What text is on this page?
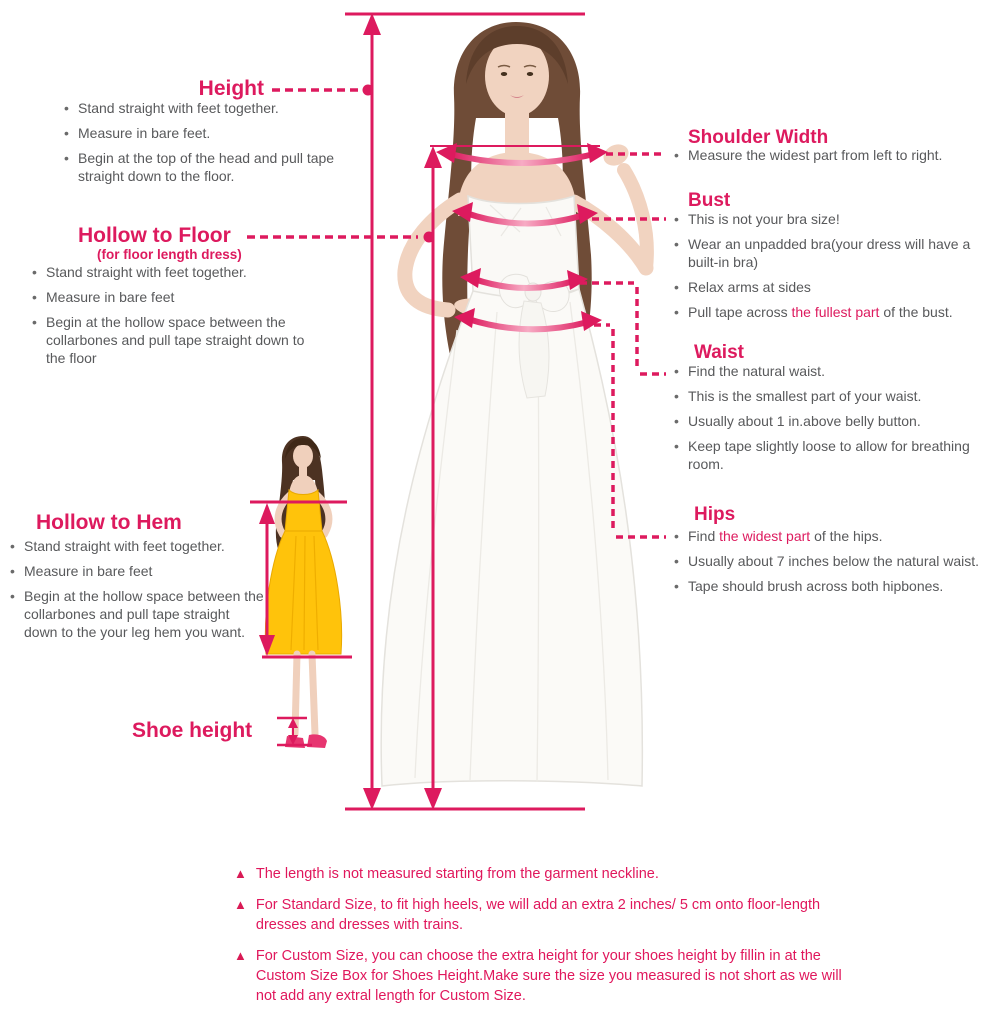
Height
• Stand straight with feet together.
• Measure in bare feet.
• Begin at the top of the head and pull tape straight down to the floor.
Hollow to Floor
(for floor length dress)
• Stand straight with feet together.
• Measure in bare feet
• Begin at the hollow space between the collarbones and pull tape straight down to the floor
Hollow to Hem
• Stand straight with feet together.
• Measure in bare feet
• Begin at the hollow space between the collarbones and pull tape straight down to the your leg hem you want.
Shoe height
Shoulder Width
• Measure the widest part from left to right.
Bust
• This is not your bra size!
• Wear an unpadded bra(your dress will have a built-in bra)
• Relax arms at sides
• Pull tape across the fullest part of the bust.
Waist
• Find the natural waist.
• This is the smallest part of your waist.
• Usually about 1 in.above belly button.
• Keep tape slightly loose to allow for breathing room.
Hips
• Find the widest part of the hips.
• Usually about 7 inches below the natural waist.
• Tape should brush across both hipbones.
▲ The length is not measured starting from the garment neckline.
▲ For Standard Size, to fit high heels, we will add an extra 2 inches/ 5 cm onto floor-length dresses and dresses with trains.
▲ For Custom Size, you can choose the extra height for your shoes height by fillin in at the Custom Size Box for Shoes Height.Make sure the size you measured is not short as we will not add any extral length for Custom Size.
